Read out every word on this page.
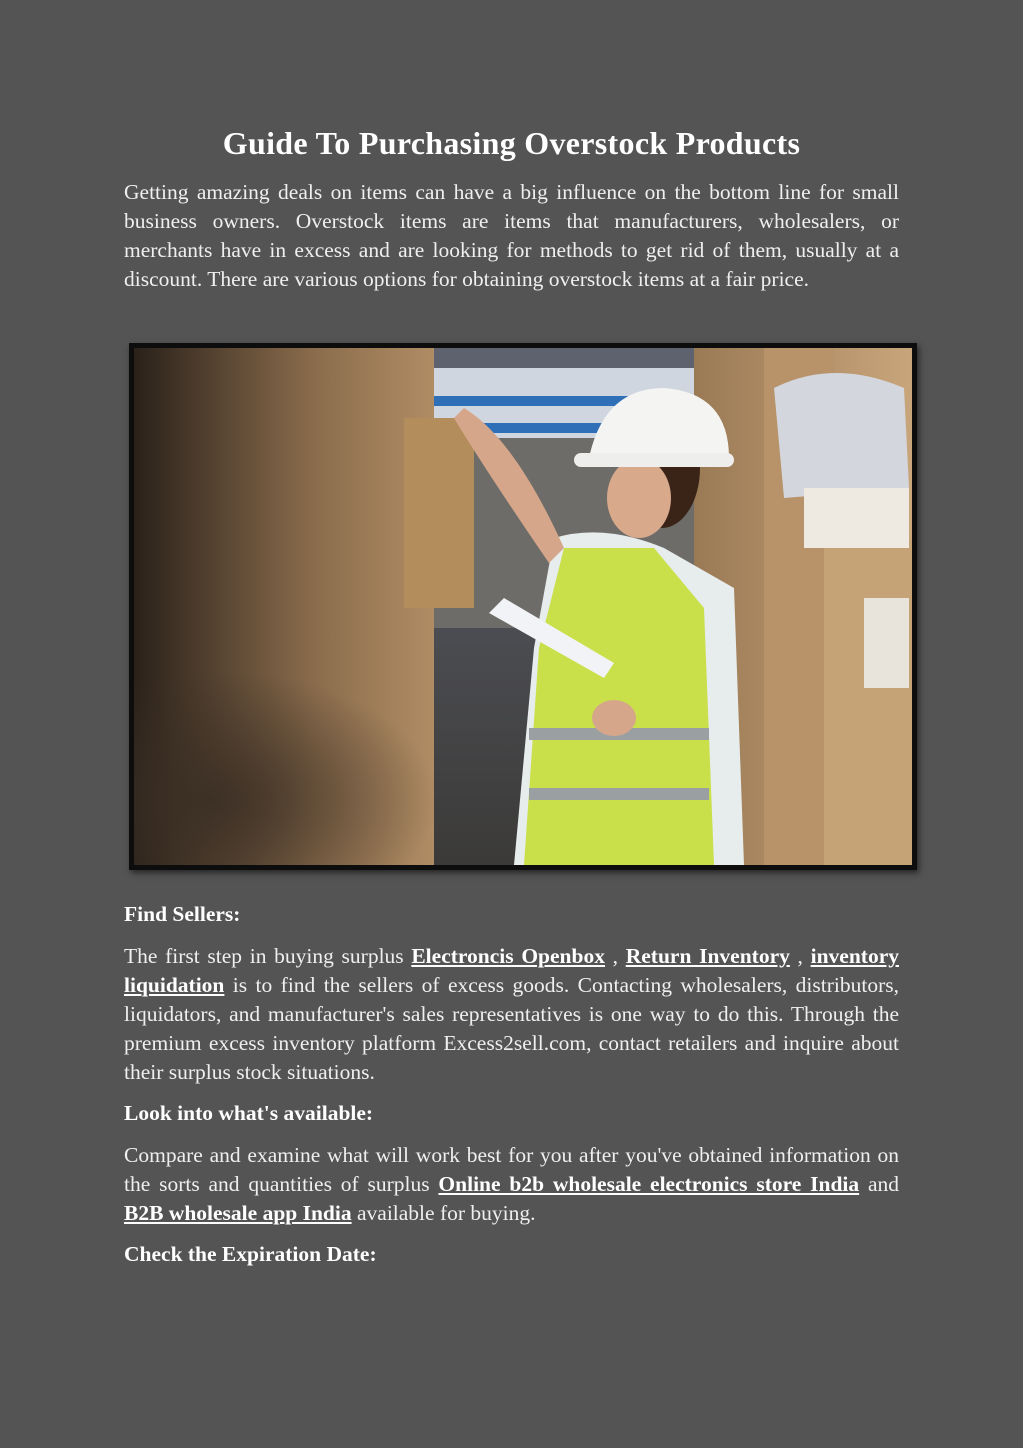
Guide To Purchasing Overstock Products

Getting amazing deals on items can have a big influence on the bottom line for small business owners. Overstock items are items that manufacturers, wholesalers, or merchants have in excess and are looking for methods to get rid of them, usually at a discount. There are various options for obtaining overstock items at a fair price.

Find Sellers:

The first step in buying surplus Electroncis Openbox , Return Inventory , inventory liquidation is to find the sellers of excess goods. Contacting wholesalers, distributors, liquidators, and manufacturer's sales representatives is one way to do this. Through the premium excess inventory platform Excess2sell.com, contact retailers and inquire about their surplus stock situations.

Look into what's available:

Compare and examine what will work best for you after you've obtained information on the sorts and quantities of surplus Online b2b wholesale electronics store India and B2B wholesale app India available for buying.

Check the Expiration Date:
